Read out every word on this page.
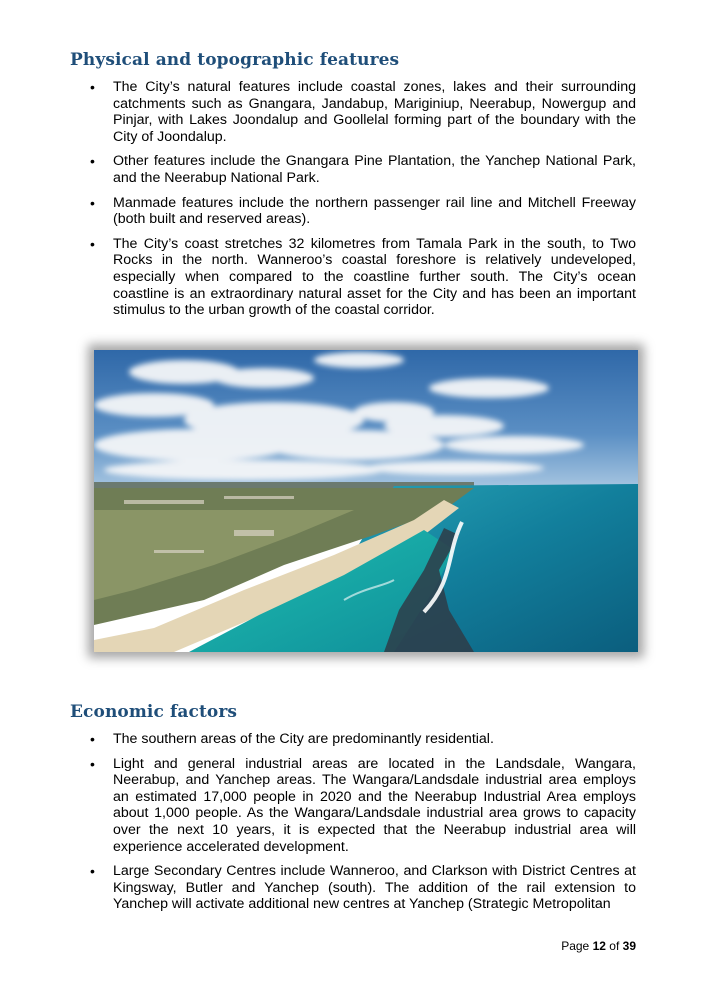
Physical and topographic features
• The City’s natural features include coastal zones, lakes and their surrounding catchments such as Gnangara, Jandabup, Mariginiup, Neerabup, Nowergup and Pinjar, with Lakes Joondalup and Goollelal forming part of the boundary with the City of Joondalup.
• Other features include the Gnangara Pine Plantation, the Yanchep National Park, and the Neerabup National Park.
• Manmade features include the northern passenger rail line and Mitchell Freeway (both built and reserved areas).
• The City’s coast stretches 32 kilometres from Tamala Park in the south, to Two Rocks in the north. Wanneroo’s coastal foreshore is relatively undeveloped, especially when compared to the coastline further south. The City’s ocean coastline is an extraordinary natural asset for the City and has been an important stimulus to the urban growth of the coastal corridor.
Economic factors
• The southern areas of the City are predominantly residential.
• Light and general industrial areas are located in the Landsdale, Wangara, Neerabup, and Yanchep areas. The Wangara/Landsdale industrial area employs an estimated 17,000 people in 2020 and the Neerabup Industrial Area employs about 1,000 people. As the Wangara/Landsdale industrial area grows to capacity over the next 10 years, it is expected that the Neerabup industrial area will experience accelerated development.
• Large Secondary Centres include Wanneroo, and Clarkson with District Centres at Kingsway, Butler and Yanchep (south). The addition of the rail extension to Yanchep will activate additional new centres at Yanchep (Strategic Metropolitan
Page 12 of 39
